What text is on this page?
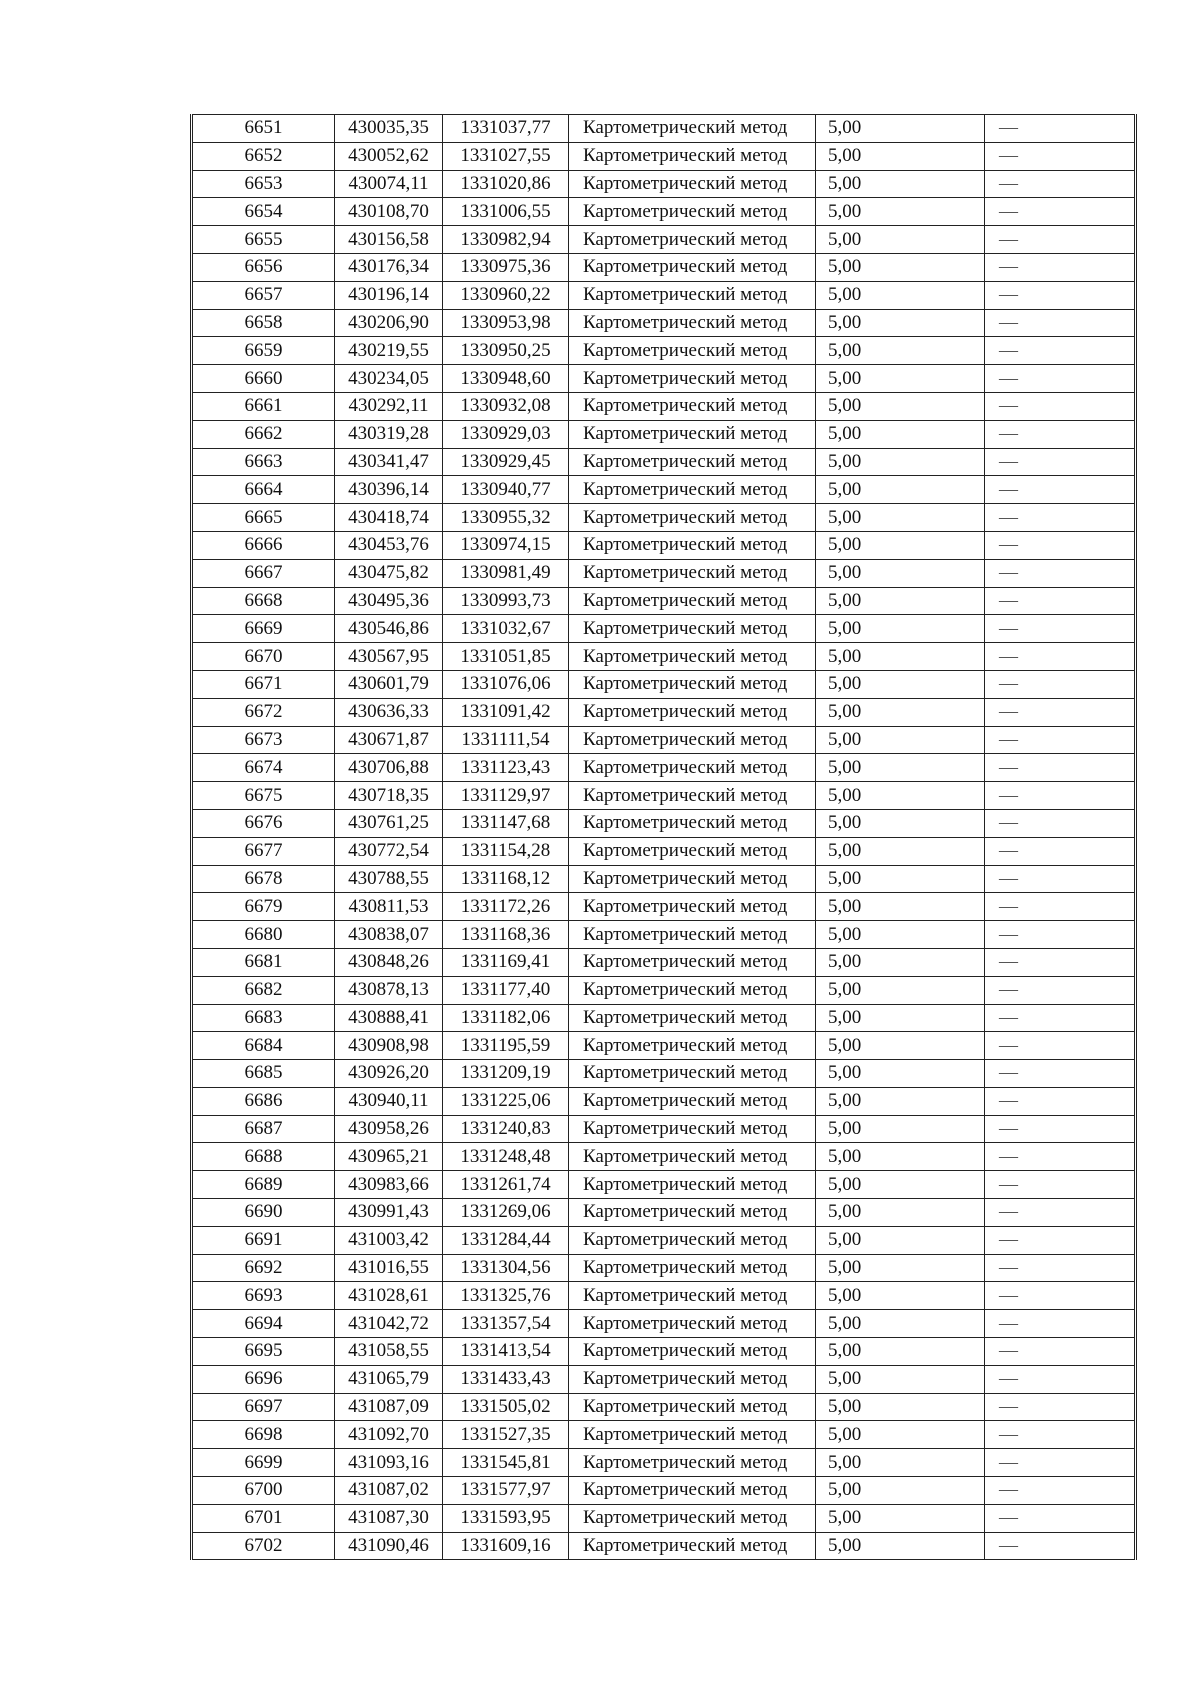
6651	430035,35	1331037,77	Картометрический метод	5,00	—
6652	430052,62	1331027,55	Картометрический метод	5,00	—
6653	430074,11	1331020,86	Картометрический метод	5,00	—
6654	430108,70	1331006,55	Картометрический метод	5,00	—
6655	430156,58	1330982,94	Картометрический метод	5,00	—
6656	430176,34	1330975,36	Картометрический метод	5,00	—
6657	430196,14	1330960,22	Картометрический метод	5,00	—
6658	430206,90	1330953,98	Картометрический метод	5,00	—
6659	430219,55	1330950,25	Картометрический метод	5,00	—
6660	430234,05	1330948,60	Картометрический метод	5,00	—
6661	430292,11	1330932,08	Картометрический метод	5,00	—
6662	430319,28	1330929,03	Картометрический метод	5,00	—
6663	430341,47	1330929,45	Картометрический метод	5,00	—
6664	430396,14	1330940,77	Картометрический метод	5,00	—
6665	430418,74	1330955,32	Картометрический метод	5,00	—
6666	430453,76	1330974,15	Картометрический метод	5,00	—
6667	430475,82	1330981,49	Картометрический метод	5,00	—
6668	430495,36	1330993,73	Картометрический метод	5,00	—
6669	430546,86	1331032,67	Картометрический метод	5,00	—
6670	430567,95	1331051,85	Картометрический метод	5,00	—
6671	430601,79	1331076,06	Картометрический метод	5,00	—
6672	430636,33	1331091,42	Картометрический метод	5,00	—
6673	430671,87	1331111,54	Картометрический метод	5,00	—
6674	430706,88	1331123,43	Картометрический метод	5,00	—
6675	430718,35	1331129,97	Картометрический метод	5,00	—
6676	430761,25	1331147,68	Картометрический метод	5,00	—
6677	430772,54	1331154,28	Картометрический метод	5,00	—
6678	430788,55	1331168,12	Картометрический метод	5,00	—
6679	430811,53	1331172,26	Картометрический метод	5,00	—
6680	430838,07	1331168,36	Картометрический метод	5,00	—
6681	430848,26	1331169,41	Картометрический метод	5,00	—
6682	430878,13	1331177,40	Картометрический метод	5,00	—
6683	430888,41	1331182,06	Картометрический метод	5,00	—
6684	430908,98	1331195,59	Картометрический метод	5,00	—
6685	430926,20	1331209,19	Картометрический метод	5,00	—
6686	430940,11	1331225,06	Картометрический метод	5,00	—
6687	430958,26	1331240,83	Картометрический метод	5,00	—
6688	430965,21	1331248,48	Картометрический метод	5,00	—
6689	430983,66	1331261,74	Картометрический метод	5,00	—
6690	430991,43	1331269,06	Картометрический метод	5,00	—
6691	431003,42	1331284,44	Картометрический метод	5,00	—
6692	431016,55	1331304,56	Картометрический метод	5,00	—
6693	431028,61	1331325,76	Картометрический метод	5,00	—
6694	431042,72	1331357,54	Картометрический метод	5,00	—
6695	431058,55	1331413,54	Картометрический метод	5,00	—
6696	431065,79	1331433,43	Картометрический метод	5,00	—
6697	431087,09	1331505,02	Картометрический метод	5,00	—
6698	431092,70	1331527,35	Картометрический метод	5,00	—
6699	431093,16	1331545,81	Картометрический метод	5,00	—
6700	431087,02	1331577,97	Картометрический метод	5,00	—
6701	431087,30	1331593,95	Картометрический метод	5,00	—
6702	431090,46	1331609,16	Картометрический метод	5,00	—
